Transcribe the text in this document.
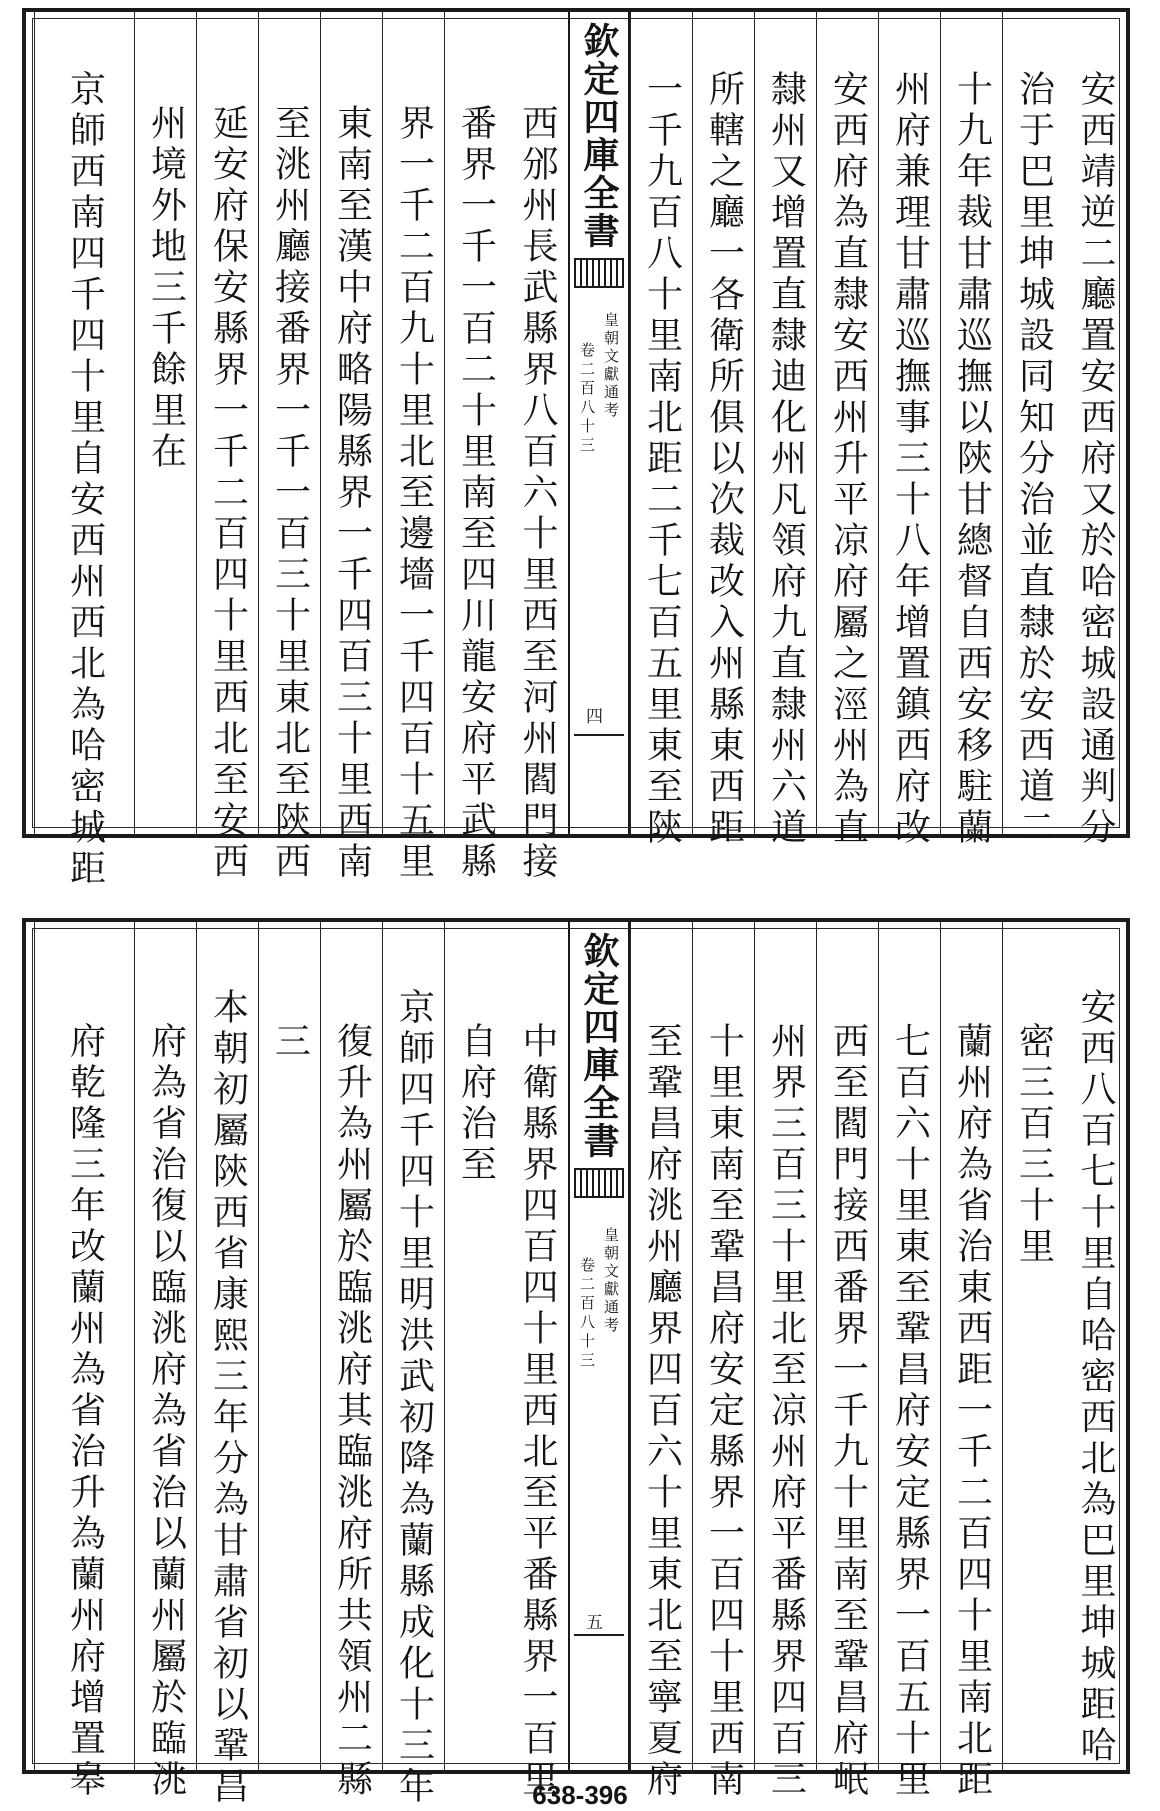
安西靖逆二廳置安西府又於哈密城設通判分
治于巴里坤城設同知分治並直隸於安西道二
十九年裁甘肅巡撫以陝甘總督自西安移駐蘭
州府兼理甘肅巡撫事三十八年增置鎮西府改
安西府為直隸安西州升平凉府屬之涇州為直
隸州又增置直隸迪化州凡領府九直隸州六道
所轄之廳一各衛所俱以次裁改入州縣東西距
一千九百八十里南北距二千七百五里東至陝
欽定四庫全書
皇朝文獻通考
卷二百八十三
四
西邠州長武縣界八百六十里西至河州閻門接
番界一千一百二十里南至四川龍安府平武縣
界一千二百九十里北至邊墻一千四百十五里
東南至漢中府略陽縣界一千四百三十里西南
至洮州廳接番界一千一百三十里東北至陝西
延安府保安縣界一千二百四十里西北至安西
州境外地三千餘里在
京師西南四千四十里自安西州西北為哈密城距
安西八百七十里自哈密西北為巴里坤城距哈
密三百三十里
蘭州府為省治東西距一千二百四十里南北距
七百六十里東至鞏昌府安定縣界一百五十里
西至閻門接西番界一千九十里南至鞏昌府岷
州界三百三十里北至凉州府平番縣界四百三
十里東南至鞏昌府安定縣界一百四十里西南
至鞏昌府洮州廳界四百六十里東北至寧夏府
欽定四庫全書
皇朝文獻通考
卷二百八十三
五
中衛縣界四百四十里西北至平番縣界一百里
自府治至
京師四千四十里明洪武初降為蘭縣成化十三年
復升為州屬於臨洮府其臨洮府所共領州二縣
三
本朝初屬陝西省康熙三年分為甘肅省初以鞏昌
府為省治復以臨洮府為省治以蘭州屬於臨洮
府乾隆三年改蘭州為省治升為蘭州府增置皋	638-396
